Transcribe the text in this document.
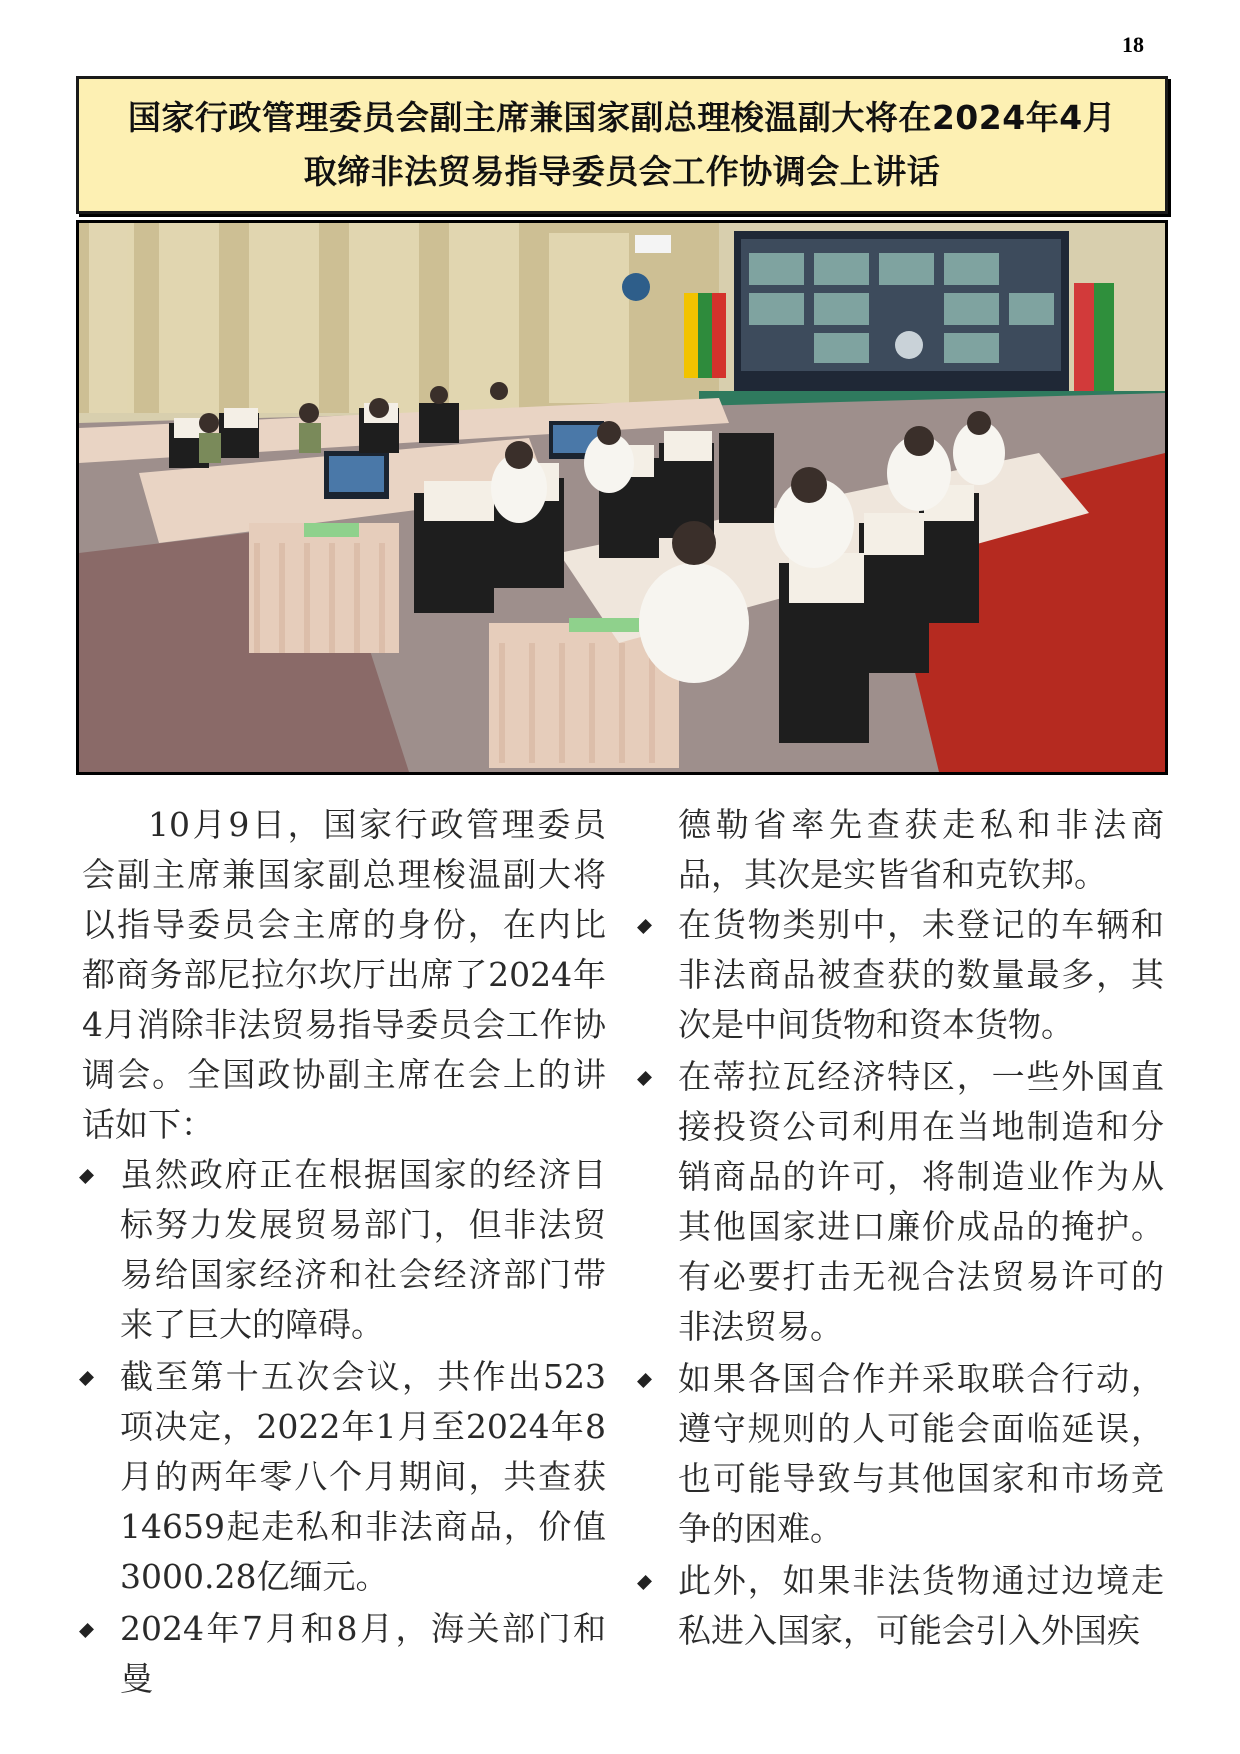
18
国家行政管理委员会副主席兼国家副总理梭温副大将在2024年4月
取缔非法贸易指导委员会工作协调会上讲话

10月9日，国家行政管理委员会副主席兼国家副总理梭温副大将以指导委员会主席的身份，在内比都商务部尼拉尔坎厅出席了2024年4月消除非法贸易指导委员会工作协调会。全国政协副主席在会上的讲话如下：

虽然政府正在根据国家的经济目标努力发展贸易部门，但非法贸易给国家经济和社会经济部门带来了巨大的障碍。
截至第十五次会议，共作出523项决定，2022年1月至2024年8月的两年零八个月期间，共查获14659起走私和非法商品，价值3000.28亿缅元。
2024年7月和8月，海关部门和曼

德勒省率先查获走私和非法商品，其次是实皆省和克钦邦。

在货物类别中，未登记的车辆和非法商品被查获的数量最多，其次是中间货物和资本货物。
在蒂拉瓦经济特区，一些外国直接投资公司利用在当地制造和分销商品的许可，将制造业作为从其他国家进口廉价成品的掩护。有必要打击无视合法贸易许可的非法贸易。
如果各国合作并采取联合行动，遵守规则的人可能会面临延误，也可能导致与其他国家和市场竞争的困难。
此外，如果非法货物通过边境走私进入国家，可能会引入外国疾
